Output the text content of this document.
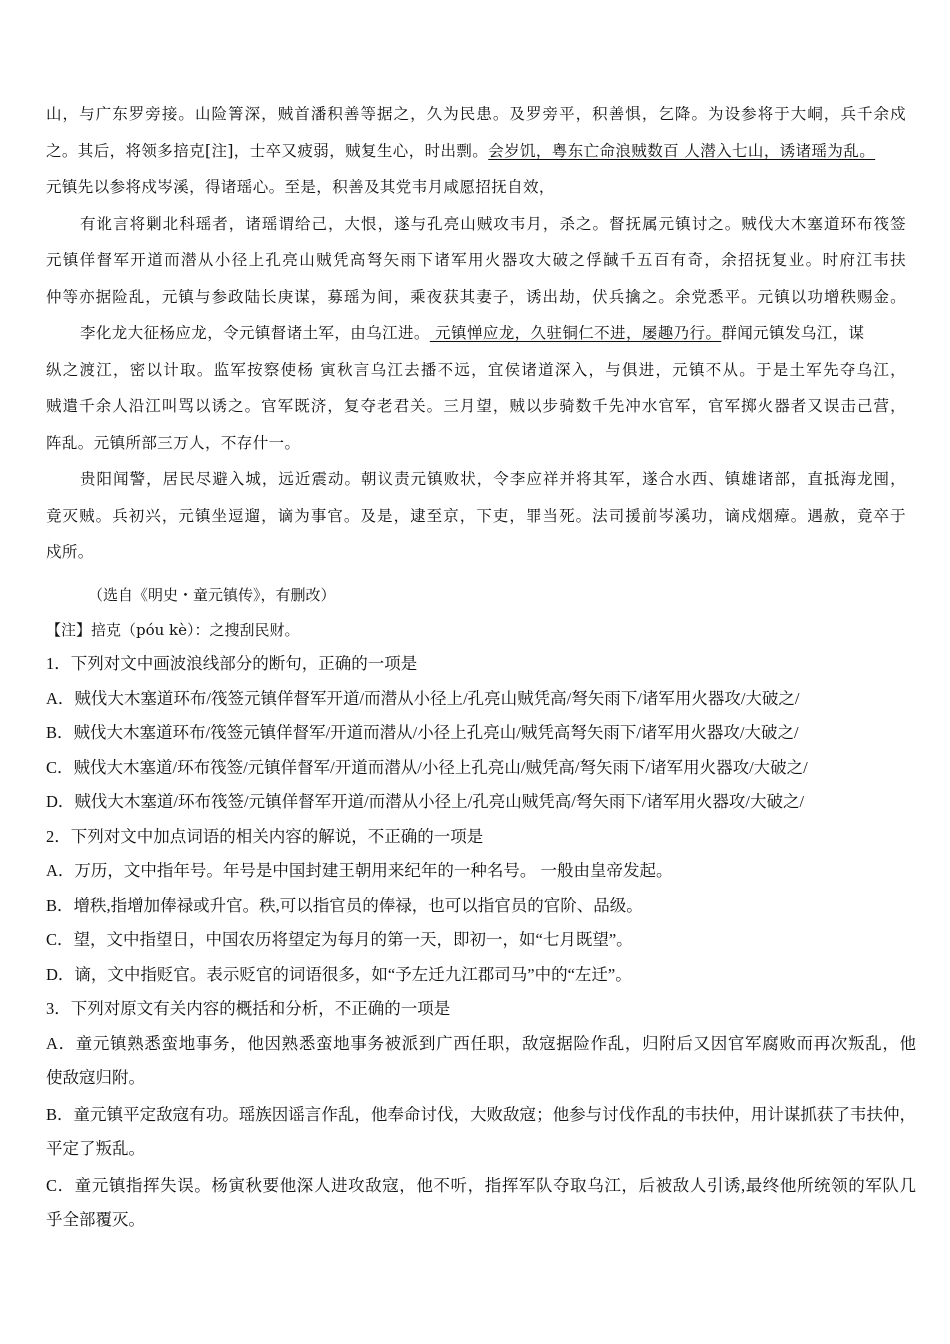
山，与广东罗旁接。山险箐深，贼首潘积善等据之，久为民患。及罗旁平，积善惧，乞降。为设参将于大峒，兵千余戍
之。其后，将领多掊克[注]，士卒又疲弱，贼复生心，时出剽。会岁饥，粤东亡命浪贼数百 人潜入七山，诱诸瑶为乱。
元镇先以参将戍岑溪，得诸瑶心。至是，积善及其党韦月咸愿招抚自效，
有讹言将剿北科瑶者，诸瑶谓给己，大恨，遂与孔亮山贼攻韦月，杀之。督抚属元镇讨之。贼伐大木塞道环布筏签
元镇佯督军开道而潜从小径上孔亮山贼凭高弩矢雨下诸军用火器攻大破之俘馘千五百有奇，余招抚复业。时府江韦扶
仲等亦据险乱，元镇与参政陆长庚谋，募瑶为间，乘夜获其妻子，诱出劫，伏兵擒之。余党悉平。元镇以功增秩赐金。
李化龙大征杨应龙，令元镇督诸土军，由乌江进。 元镇惮应龙，久驻铜仁不进，屡趣乃行。群闻元镇发乌江，谋
纵之渡江，密以计取。监军按察使杨 寅秋言乌江去播不远，宜侯诸道深入，与俱进，元镇不从。于是土军先夺乌江，
贼遣千余人沿江叫骂以诱之。官军既济，复夺老君关。三月望，贼以步骑数千先冲水官军，官军掷火器者又误击己营，
阵乱。元镇所部三万人，不存什一。
贵阳闻警，居民尽避入城，远近震动。朝议责元镇败状，令李应祥并将其军，遂合水西、镇雄诸部，直抵海龙囤，
竟灭贼。兵初兴，元镇坐逗遛，谪为事官。及是，逮至京，下吏，罪当死。法司援前岑溪功，谪戍烟瘴。遇赦，竟卒于
戍所。
（选自《明史・童元镇传》，有删改）
【注】掊克（póu kè）：之搜刮民财。
1．下列对文中画波浪线部分的断句，正确的一项是
A．贼伐大木塞道环布/筏签元镇佯督军开道/而潜从小径上/孔亮山贼凭高/弩矢雨下/诸军用火器攻/大破之/
B．贼伐大木塞道环布/筏签元镇佯督军/开道而潜从/小径上孔亮山/贼凭高弩矢雨下/诸军用火器攻/大破之/
C．贼伐大木塞道/环布筏签/元镇佯督军/开道而潜从/小径上孔亮山/贼凭高/弩矢雨下/诸军用火器攻/大破之/
D．贼伐大木塞道/环布筏签/元镇佯督军开道/而潜从小径上/孔亮山贼凭高/弩矢雨下/诸军用火器攻/大破之/
2．下列对文中加点词语的相关内容的解说，不正确的一项是
A．万历，文中指年号。年号是中国封建王朝用来纪年的一种名号。 一般由皇帝发起。
B．增秩,指增加俸禄或升官。秩,可以指官员的俸禄，也可以指官员的官阶、品级。
C．望，文中指望日，中国农历将望定为每月的第一天，即初一，如“七月既望”。
D．谪，文中指贬官。表示贬官的词语很多，如“予左迁九江郡司马”中的“左迁”。
3．下列对原文有关内容的概括和分析，不正确的一项是
A．童元镇熟悉蛮地事务，他因熟悉蛮地事务被派到广西任职，敌寇据险作乱，归附后又因官军腐败而再次叛乱，他
使敌寇归附。
B．童元镇平定敌寇有功。瑶族因谣言作乱，他奉命讨伐，大败敌寇；他参与讨伐作乱的韦扶仲，用计谋抓获了韦扶仲，
平定了叛乱。
C．童元镇指挥失误。杨寅秋要他深人进攻敌寇，他不听，指挥军队夺取乌江，后被敌人引诱,最终他所统领的军队几
乎全部覆灭。
